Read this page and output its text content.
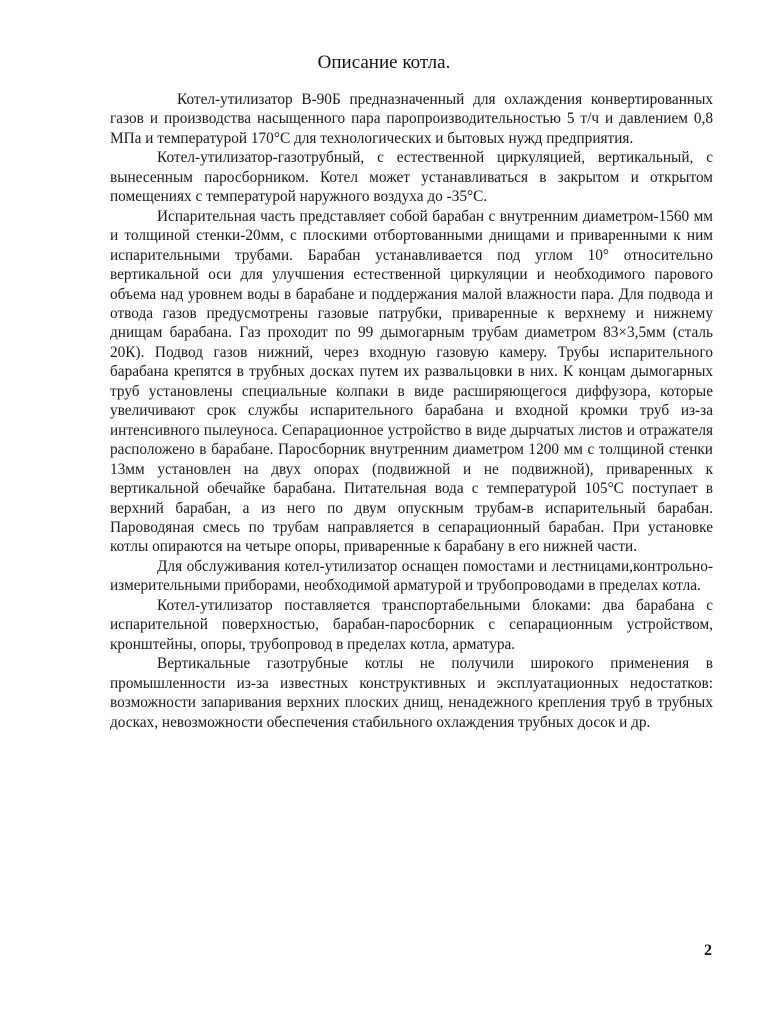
Описание котла.

Котел-утилизатор В-90Б предназначенный для охлаждения конвертированных газов и производства насыщенного пара паропроизводительностью 5 т/ч и давлением 0,8 МПа и температурой 170°С для технологических и бытовых нужд предприятия.

Котел-утилизатор-газотрубный, с естественной циркуляцией, вертикальный, с вынесенным паросборником. Котел может устанавливаться в закрытом и открытом помещениях с температурой наружного воздуха до -35°С.

Испарительная часть представляет собой барабан с внутренним диаметром-1560 мм и толщиной стенки-20мм, с плоскими отбортованными днищами и приваренными к ним испарительными трубами. Барабан устанавливается под углом 10° относительно вертикальной оси для улучшения естественной циркуляции и необходимого парового объема над уровнем воды в барабане и поддержания малой влажности пара. Для подвода и отвода газов предусмотрены газовые патрубки, приваренные к верхнему и нижнему днищам барабана. Газ проходит по 99 дымогарным трубам диаметром 83×3,5мм (сталь 20К). Подвод газов нижний, через входную газовую камеру. Трубы испарительного барабана крепятся в трубных досках путем их развальцовки в них. К концам дымогарных труб установлены специальные колпаки в виде расширяющегося диффузора, которые увеличивают срок службы испарительного барабана и входной кромки труб из-за интенсивного пылеуноса. Сепарационное устройство в виде дырчатых листов и отражателя расположено в барабане. Паросборник внутренним диаметром 1200 мм с толщиной стенки 13мм установлен на двух опорах (подвижной и не подвижной), приваренных к вертикальной обечайке барабана. Питательная вода с температурой 105°С поступает в верхний барабан, а из него по двум опускным трубам-в испарительный барабан. Пароводяная смесь по трубам направляется в сепарационный барабан. При установке котлы опираются на четыре опоры, приваренные к барабану в его нижней части.

Для обслуживания котел-утилизатор оснащен помостами и лестницами,контрольно-измерительными приборами, необходимой арматурой и трубопроводами в пределах котла.

Котел-утилизатор поставляется транспортабельными блоками: два барабана с испарительной поверхностью, барабан-паросборник с сепарационным устройством, кронштейны, опоры, трубопровод в пределах котла, арматура.

Вертикальные газотрубные котлы не получили широкого применения в промышленности из-за известных конструктивных и эксплуатационных недостатков: возможности запаривания верхних плоских днищ, ненадежного крепления труб в трубных досках, невозможности обеспечения стабильного охлаждения трубных досок и др.

2
